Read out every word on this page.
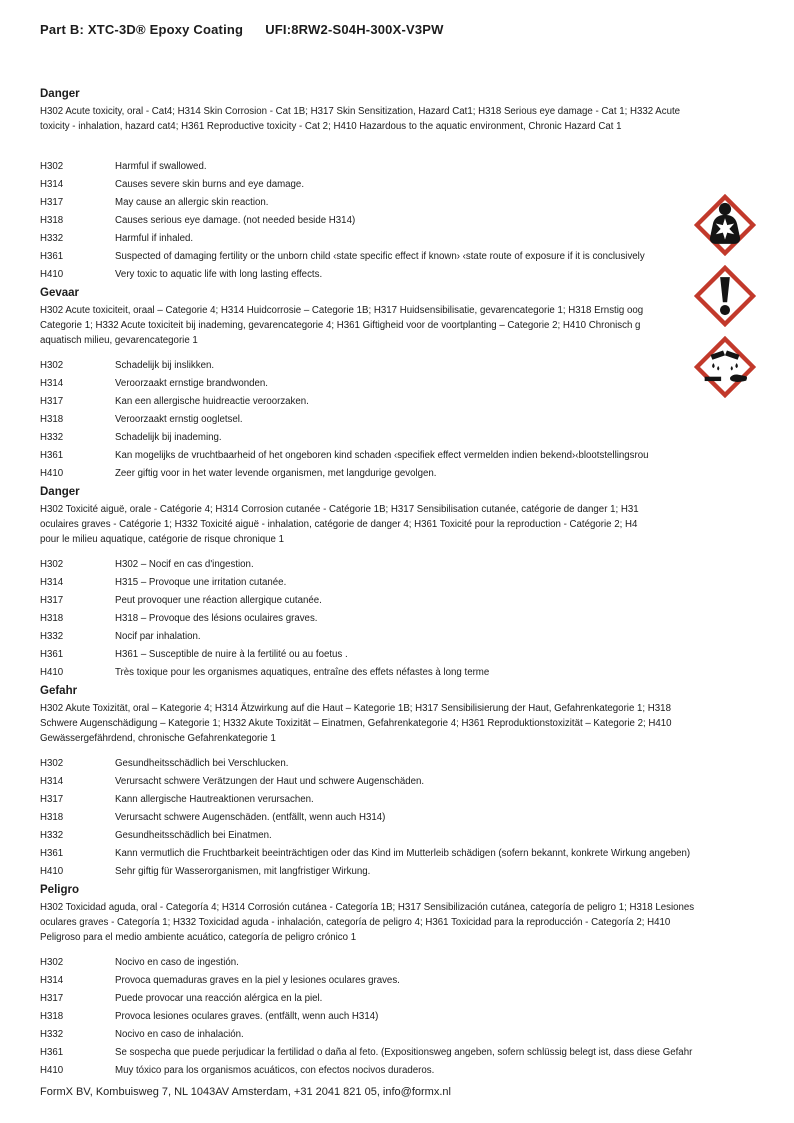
Part B: XTC-3D® Epoxy Coating UFI:8RW2-S04H-300X-V3PW
Danger
H302 Acute toxicity, oral - Cat4; H314 Skin Corrosion - Cat 1B; H317 Skin Sensitization, Hazard Cat1; H318 Serious eye damage - Cat 1; H332 Acute
toxicity - inhalation, hazard cat4; H361 Reproductive toxicity - Cat 2; H410 Hazardous to the aquatic environment, Chronic Hazard Cat 1
H302	Harmful if swallowed.
H314	Causes severe skin burns and eye damage.
H317	May cause an allergic skin reaction.
H318	Causes serious eye damage. (not needed beside H314)
H332	Harmful if inhaled.
H361	Suspected of damaging fertility or the unborn child ‹state specific effect if known› ‹state route of exposure if it is conclusively
H410	Very toxic to aquatic life with long lasting effects.
Gevaar
H302 Acute toxiciteit, oraal – Categorie 4; H314 Huidcorrosie – Categorie 1B; H317 Huidsensibilisatie, gevarencategorie 1; H318 Ernstig oog
Categorie 1; H332 Acute toxiciteit bij inademing, gevarencategorie 4; H361 Giftigheid voor de voortplanting – Categorie 2; H410 Chronisch g
aquatisch milieu, gevarencategorie 1
H302	Schadelijk bij inslikken.
H314	Veroorzaakt ernstige brandwonden.
H317	Kan een allergische huidreactie veroorzaken.
H318	Veroorzaakt ernstig oogletsel.
H332	Schadelijk bij inademing.
H361	Kan mogelijks de vruchtbaarheid of het ongeboren kind schaden ‹specifiek effect vermelden indien bekend›‹blootstellingsrou
H410	Zeer giftig voor in het water levende organismen, met langdurige gevolgen.
Danger
H302 Toxicité aiguë, orale - Catégorie 4; H314 Corrosion cutanée - Catégorie 1B; H317 Sensibilisation cutanée, catégorie de danger 1; H31
oculaires graves - Catégorie 1; H332 Toxicité aiguë - inhalation, catégorie de danger 4; H361 Toxicité pour la reproduction - Catégorie 2; H4
pour le milieu aquatique, catégorie de risque chronique 1
H302	H302 – Nocif en cas d'ingestion.
H314	H315 – Provoque une irritation cutanée.
H317	Peut provoquer une réaction allergique cutanée.
H318	H318 – Provoque des lésions oculaires graves.
H332	Nocif par inhalation.
H361	H361 – Susceptible de nuire à la fertilité ou au foetus .
H410	Très toxique pour les organismes aquatiques, entraîne des effets néfastes à long terme
Gefahr
H302 Akute Toxizität, oral – Kategorie 4; H314 Ätzwirkung auf die Haut – Kategorie 1B; H317 Sensibilisierung der Haut, Gefahrenkategorie 1; H318
Schwere Augenschädigung – Kategorie 1; H332 Akute Toxizität – Einatmen, Gefahrenkategorie 4; H361 Reproduktionstoxizität – Kategorie 2; H410
Gewässergefährdend, chronische Gefahrenkategorie 1
H302	Gesundheitsschädlich bei Verschlucken.
H314	Verursacht schwere Verätzungen der Haut und schwere Augenschäden.
H317	Kann allergische Hautreaktionen verursachen.
H318	Verursacht schwere Augenschäden. (entfällt, wenn auch H314)
H332	Gesundheitsschädlich bei Einatmen.
H361	Kann vermutlich die Fruchtbarkeit beeinträchtigen oder das Kind im Mutterleib schädigen (sofern bekannt, konkrete Wirkung angeben)
H410	Sehr giftig für Wasserorganismen, mit langfristiger Wirkung.
Peligro
H302 Toxicidad aguda, oral - Categoría 4; H314 Corrosión cutánea - Categoría 1B; H317 Sensibilización cutánea, categoría de peligro 1; H318 Lesiones
oculares graves - Categoría 1; H332 Toxicidad aguda - inhalación, categoría de peligro 4; H361 Toxicidad para la reproducción - Categoría 2; H410
Peligroso para el medio ambiente acuático, categoría de peligro crónico 1
H302	Nocivo en caso de ingestión.
H314	Provoca quemaduras graves en la piel y lesiones oculares graves.
H317	Puede provocar una reacción alérgica en la piel.
H318	Provoca lesiones oculares graves. (entfällt, wenn auch H314)
H332	Nocivo en caso de inhalación.
H361	Se sospecha que puede perjudicar la fertilidad o daña al feto. (Expositionsweg angeben, sofern schlüssig belegt ist, dass diese Gefahr
H410	Muy tóxico para los organismos acuáticos, con efectos nocivos duraderos.
FormX BV, Kombuisweg 7, NL 1043AV Amsterdam, +31 2041 821 05, info@formx.nl
